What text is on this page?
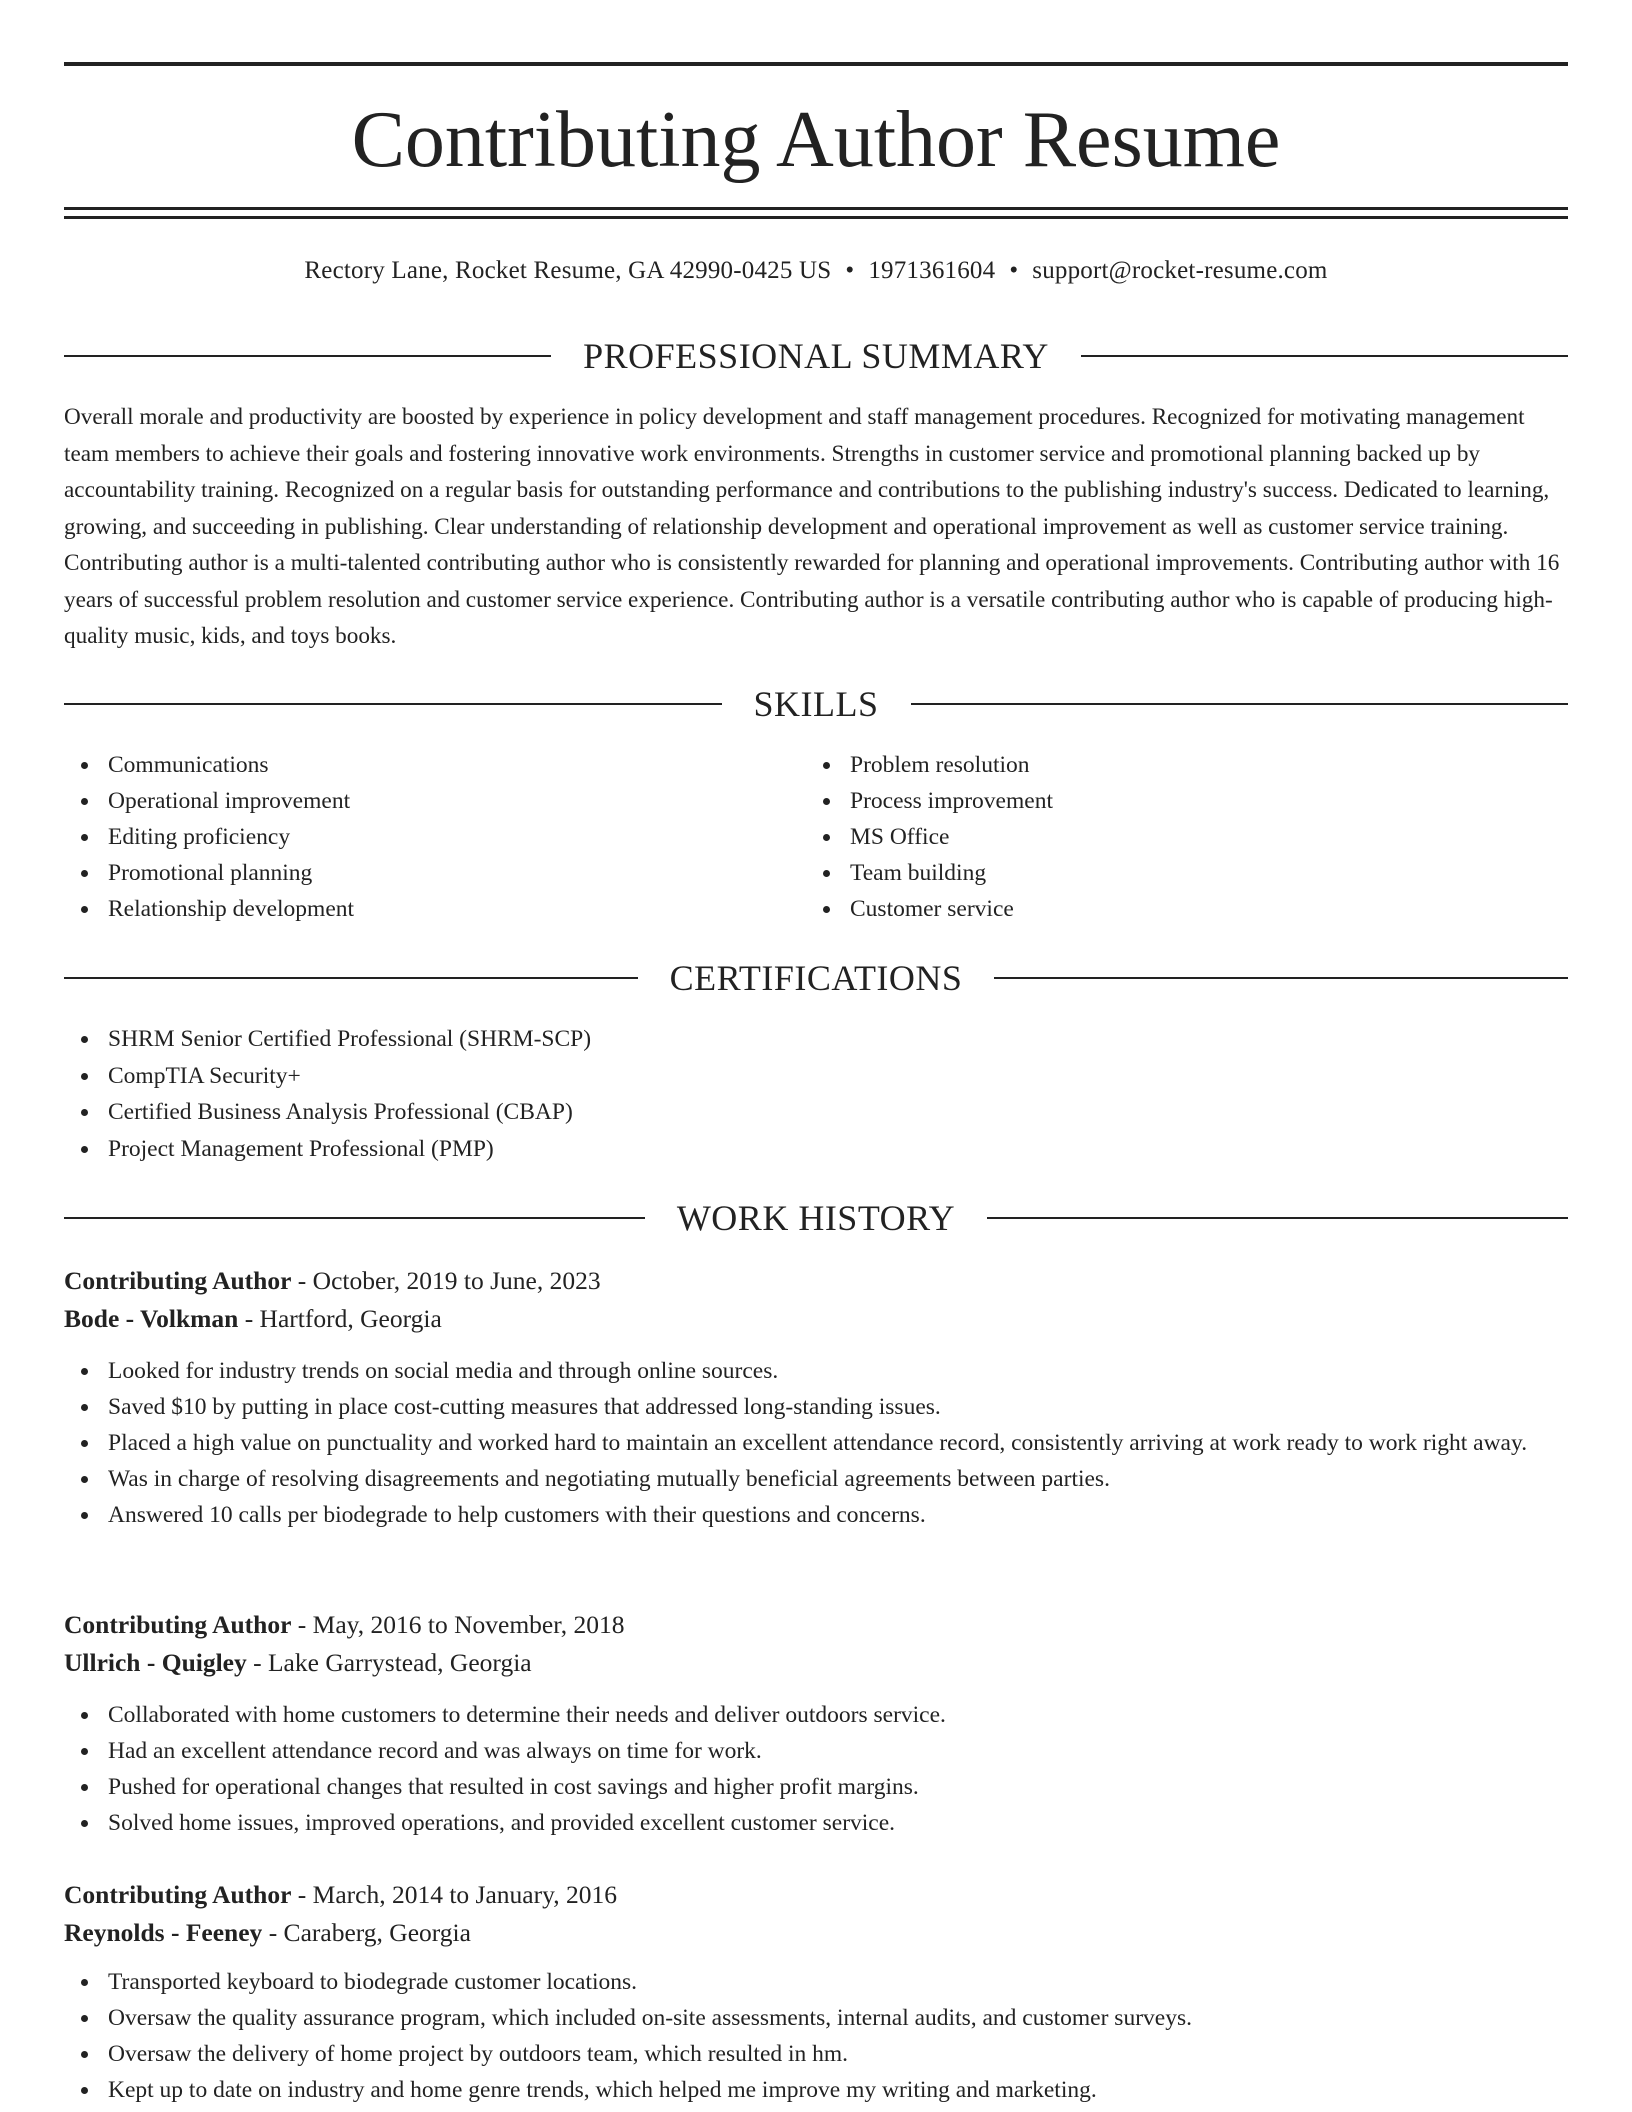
Contributing Author Resume
Rectory Lane, Rocket Resume, GA 42990-0425 US • 1971361604 • support@rocket-resume.com
PROFESSIONAL SUMMARY

Overall morale and productivity are boosted by experience in policy development and staff management procedures. Recognized for motivating management team members to achieve their goals and fostering innovative work environments. Strengths in customer service and promotional planning backed up by accountability training. Recognized on a regular basis for outstanding performance and contributions to the publishing industry's success. Dedicated to learning, growing, and succeeding in publishing. Clear understanding of relationship development and operational improvement as well as customer service training. Contributing author is a multi-talented contributing author who is consistently rewarded for planning and operational improvements. Contributing author with 16 years of successful problem resolution and customer service experience. Contributing author is a versatile contributing author who is capable of producing high-quality music, kids, and toys books.

SKILLS
Communications
Operational improvement
Editing proficiency
Promotional planning
Relationship development
Problem resolution
Process improvement
MS Office
Team building
Customer service
CERTIFICATIONS
SHRM Senior Certified Professional (SHRM-SCP)
CompTIA Security+
Certified Business Analysis Professional (CBAP)
Project Management Professional (PMP)
WORK HISTORY
Contributing Author - October, 2019 to June, 2023
Bode - Volkman - Hartford, Georgia
Looked for industry trends on social media and through online sources.
Saved $10 by putting in place cost-cutting measures that addressed long-standing issues.
Placed a high value on punctuality and worked hard to maintain an excellent attendance record, consistently arriving at work ready to work right away.
Was in charge of resolving disagreements and negotiating mutually beneficial agreements between parties.
Answered 10 calls per biodegrade to help customers with their questions and concerns.
Contributing Author - May, 2016 to November, 2018
Ullrich - Quigley - Lake Garrystead, Georgia
Collaborated with home customers to determine their needs and deliver outdoors service.
Had an excellent attendance record and was always on time for work.
Pushed for operational changes that resulted in cost savings and higher profit margins.
Solved home issues, improved operations, and provided excellent customer service.
Contributing Author - March, 2014 to January, 2016
Reynolds - Feeney - Caraberg, Georgia
Transported keyboard to biodegrade customer locations.
Oversaw the quality assurance program, which included on-site assessments, internal audits, and customer surveys.
Oversaw the delivery of home project by outdoors team, which resulted in hm.
Kept up to date on industry and home genre trends, which helped me improve my writing and marketing.
